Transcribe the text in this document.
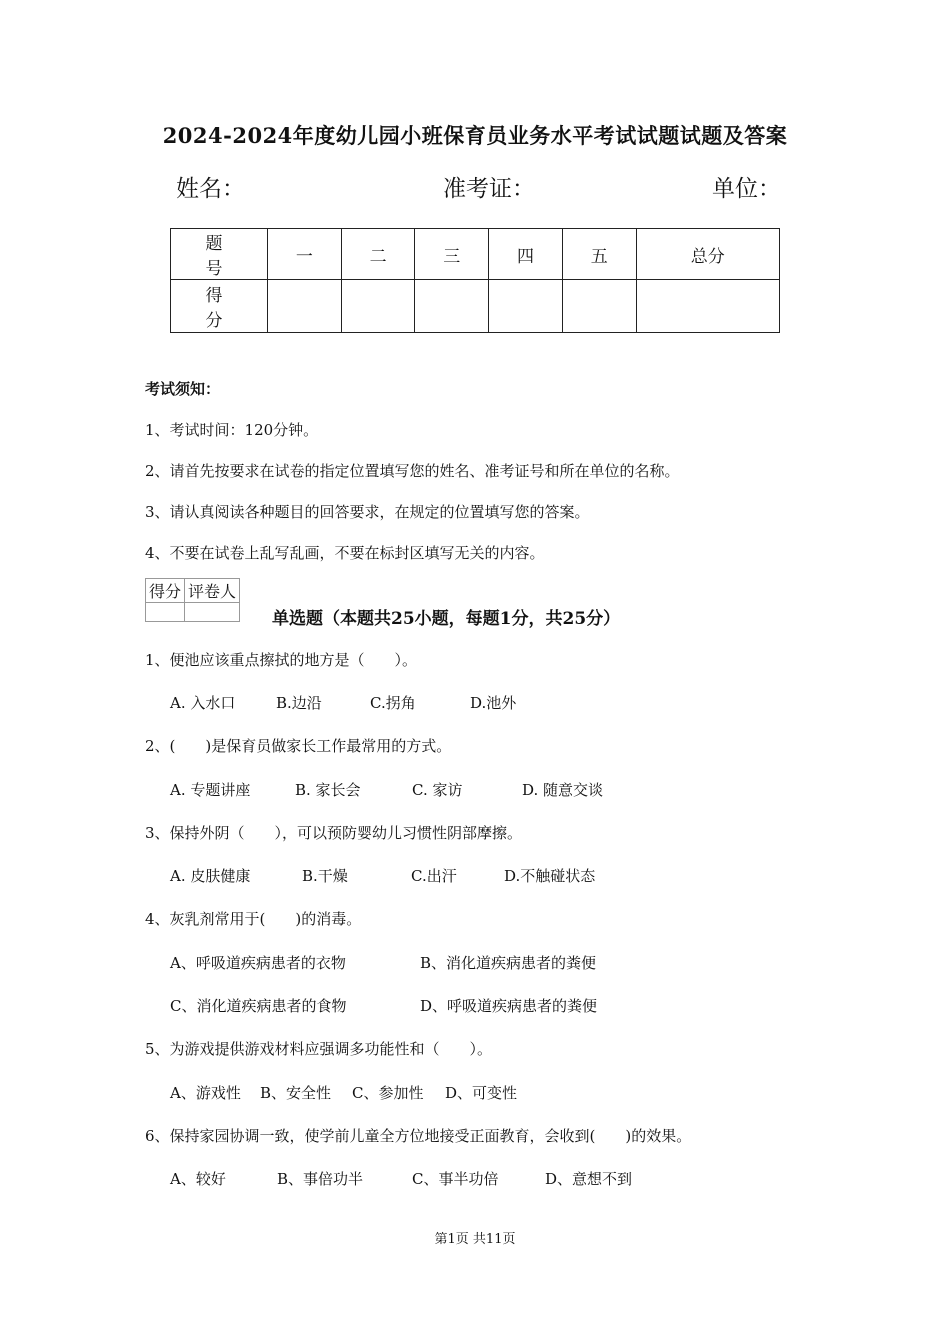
2024-2024年度幼儿园小班保育员业务水平考试试题试题及答案
姓名：	准考证：	单位：
题 号	一	二	三	四	五	总分
得 分						
考试须知：
1、考试时间：120分钟。
2、请首先按要求在试卷的指定位置填写您的姓名、准考证号和所在单位的名称。
3、请认真阅读各种题目的回答要求，在规定的位置填写您的答案。
4、不要在试卷上乱写乱画，不要在标封区填写无关的内容。
得分	评卷人

单选题（本题共25小题，每题1分，共25分）
1、便池应该重点擦拭的地方是（　　）。
A. 入水口	B.边沿	C.拐角	D.池外
2、(　　)是保育员做家长工作最常用的方式。
A. 专题讲座	B. 家长会	C. 家访	D. 随意交谈
3、保持外阴（　　），可以预防婴幼儿习惯性阴部摩擦。
A. 皮肤健康	B.干燥	C.出汗	D.不触碰状态
4、灰乳剂常用于(　　)的消毒。
A、呼吸道疾病患者的衣物	B、消化道疾病患者的粪便
C、消化道疾病患者的食物	D、呼吸道疾病患者的粪便
5、为游戏提供游戏材料应强调多功能性和（　　）。
A、游戏性 B、安全性 C、参加性 D、可变性
6、保持家园协调一致，使学前儿童全方位地接受正面教育，会收到(　　)的效果。
A、较好	B、事倍功半	C、事半功倍	D、意想不到
第1页 共11页
